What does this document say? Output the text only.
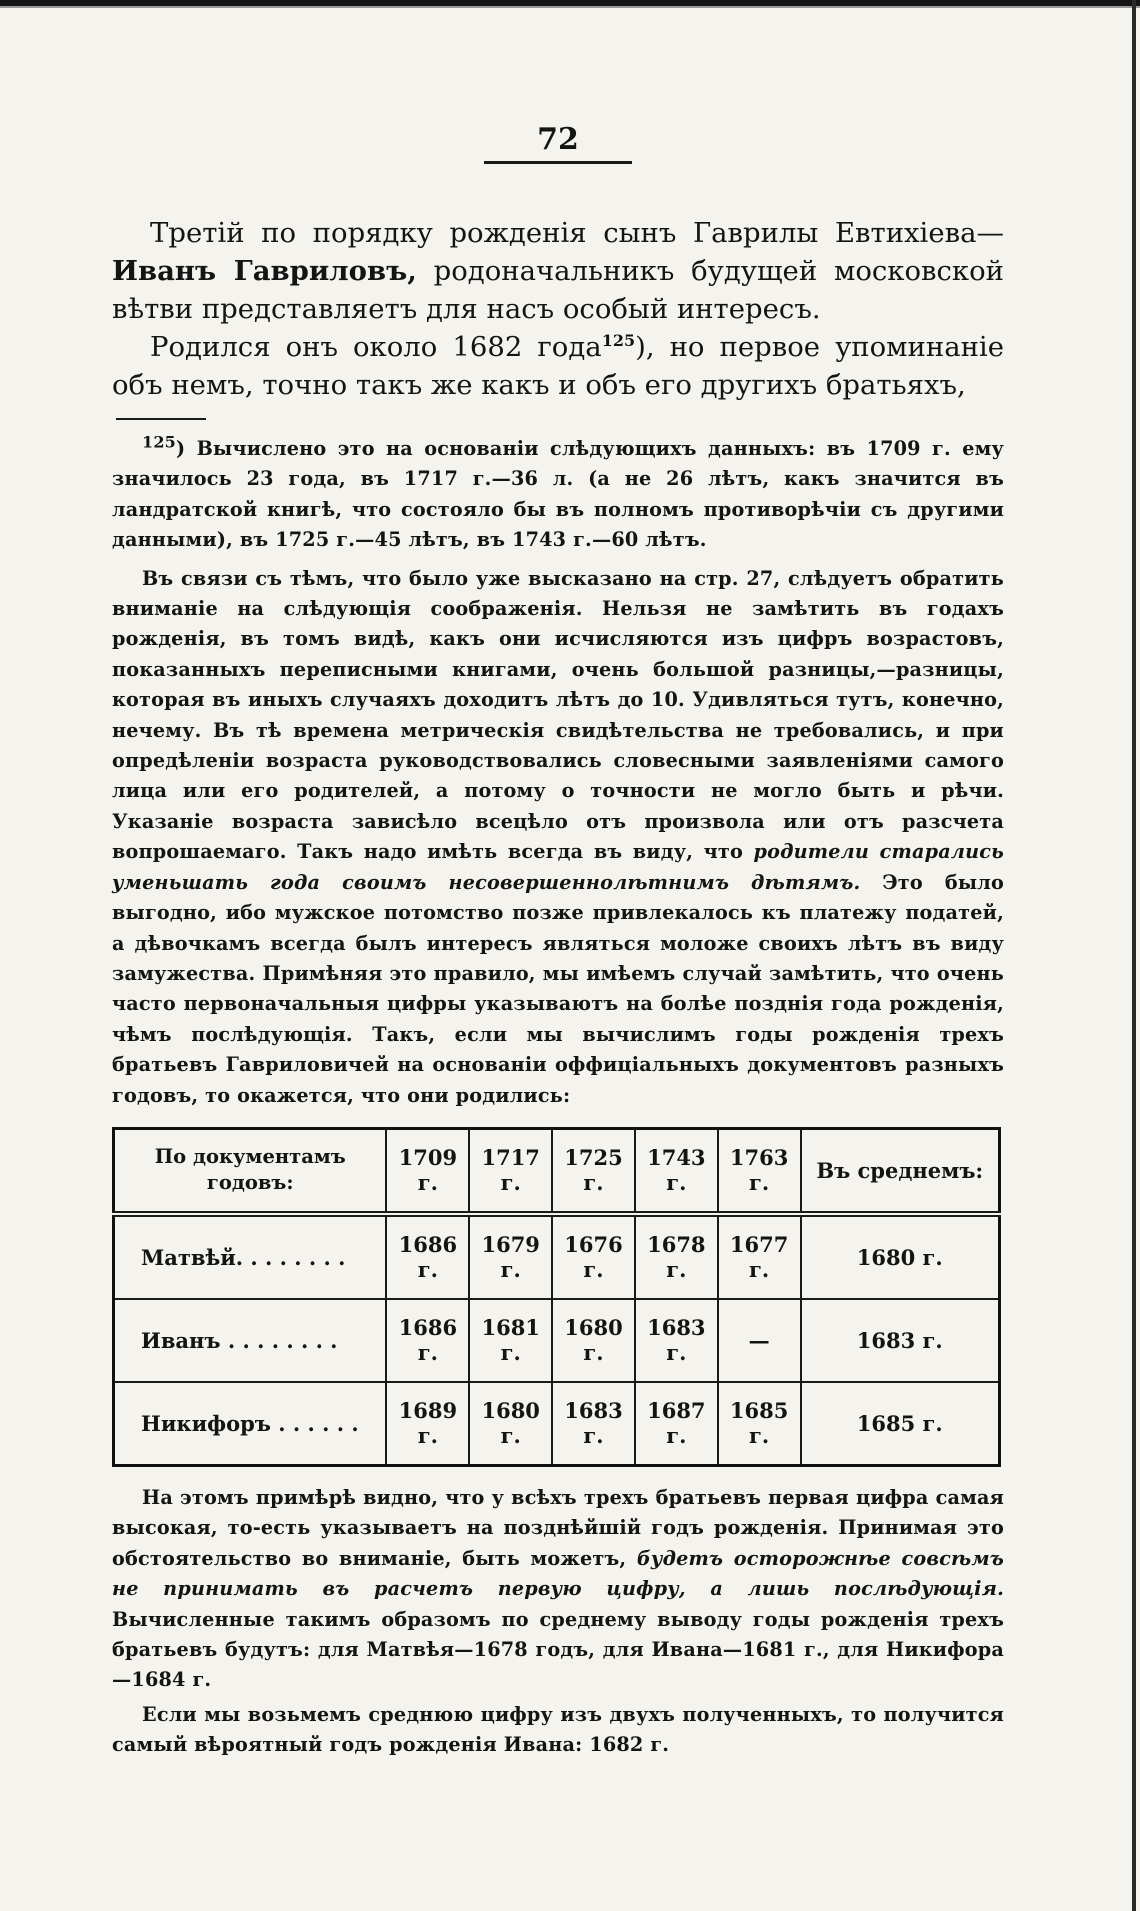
72

Третій по порядку рожденія сынъ Гаврилы Евтихіева—Иванъ Гавриловъ, родоначальникъ будущей московской вѣтви представляетъ для насъ особый интересъ.

Родился онъ около 1682 года$^{125}$), но первое упоминаніе объ немъ, точно такъ же какъ и объ его другихъ братьяхъ,

$^{125}$) Вычислено это на основаніи слѣдующихъ данныхъ: въ 1709 г. ему значилось 23 года, въ 1717 г.—36 л. (а не 26 лѣтъ, какъ значится въ ландратской книгѣ, что состояло бы въ полномъ противорѣчіи съ другими данными), въ 1725 г.—45 лѣтъ, въ 1743 г.—60 лѣтъ.

Въ связи съ тѣмъ, что было уже высказано на стр. 27, слѣдуетъ обратить вниманіе на слѣдующія соображенія. Нельзя не замѣтить въ годахъ рожденія, въ томъ видѣ, какъ они исчисляются изъ цифръ возрастовъ, показанныхъ переписными книгами, очень большой разницы,—разницы, которая въ иныхъ случаяхъ доходитъ лѣтъ до 10. Удивляться тутъ, конечно, нечему. Въ тѣ времена метрическія свидѣтельства не требовались, и при опредѣленіи возраста руководствовались словесными заявленіями самого лица или его родителей, а потому о точности не могло быть и рѣчи. Указаніе возраста зависѣло всецѣло отъ произвола или отъ разсчета вопрошаемаго. Такъ надо имѣть всегда въ виду, что родители старались уменьшать года своимъ несовершеннолѣтнимъ дѣтямъ. Это было выгодно, ибо мужское потомство позже привлекалось къ платежу податей, а дѣвочкамъ всегда былъ интересъ являться моложе своихъ лѣтъ въ виду замужества. Примѣняя это правило, мы имѣемъ случай замѣтить, что очень часто первоначальныя цифры указываютъ на болѣе позднія года рожденія, чѣмъ послѣдующія. Такъ, если мы вычислимъ годы рожденія трехъ братьевъ Гавриловичей на основаніи оффиціальныхъ документовъ разныхъ годовъ, то окажется, что они родились:

По документамъ годовъ:	1709 г.	1717 г.	1725 г.	1743 г.	1763 г.	Въ среднемъ:
Матвѣй. . . . . . . .	1686 г.	1679 г.	1676 г.	1678 г.	1677 г.	1680 г.
Иванъ . . . . . . . .	1686 г.	1681 г.	1680 г.	1683 г.	—	1683 г.
Никифоръ . . . . . .	1689 г.	1680 г.	1683 г.	1687 г.	1685 г.	1685 г.

На этомъ примѣрѣ видно, что у всѣхъ трехъ братьевъ первая цифра самая высокая, то-есть указываетъ на позднѣйшій годъ рожденія. Принимая это обстоятельство во вниманіе, быть можетъ, будетъ осторожнѣе совсѣмъ не принимать въ расчетъ первую цифру, а лишь послѣдующія. Вычисленные такимъ образомъ по среднему выводу годы рожденія трехъ братьевъ будутъ: для Матвѣя—1678 годъ, для Ивана—1681 г., для Никифора—1684 г.

Если мы возьмемъ среднюю цифру изъ двухъ полученныхъ, то получится самый вѣроятный годъ рожденія Ивана: 1682 г.
